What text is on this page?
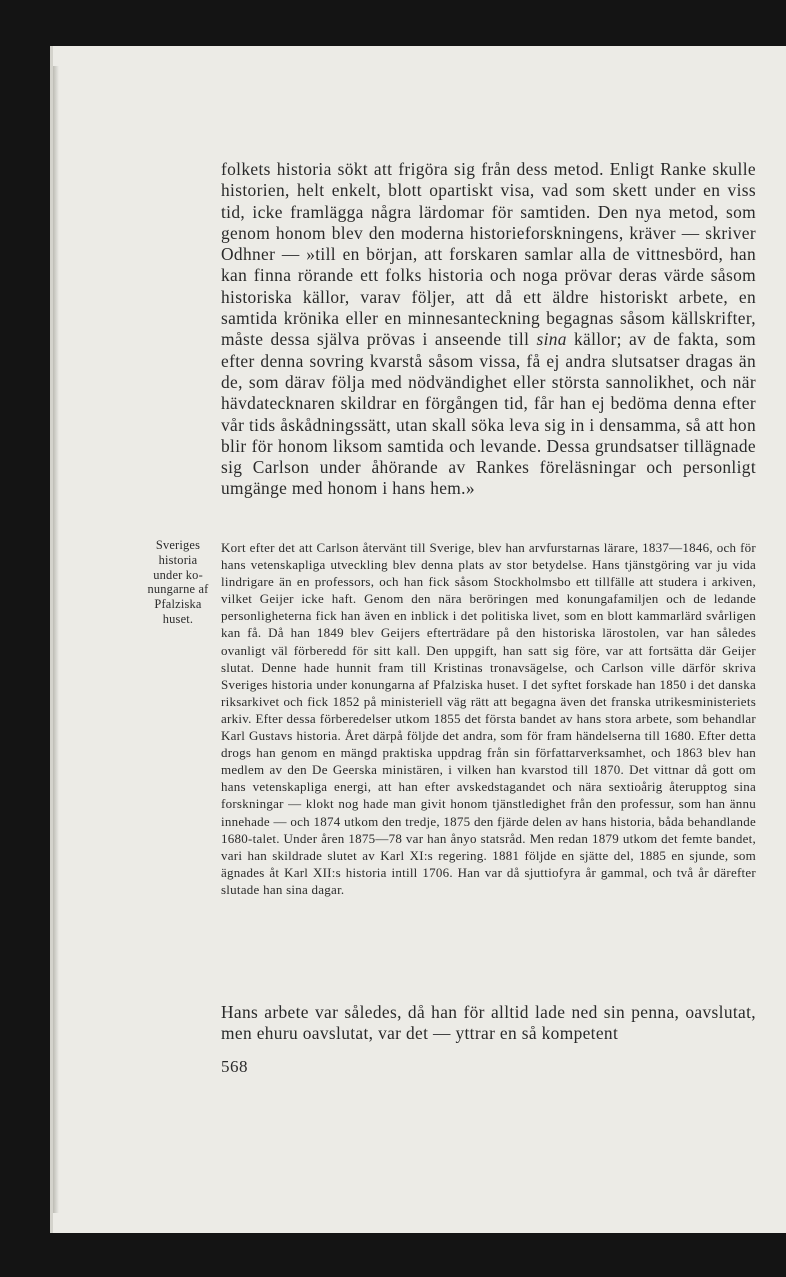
Sveriges historia under konungarne af Pfalziska huset.

folkets historia sökt att frigöra sig från dess metod. Enligt Ranke skulle historien, helt enkelt, blott opartiskt visa, vad som skett under en viss tid, icke framlägga några lärdomar för samtiden. Den nya metod, som genom honom blev den moderna historieforskningens, kräver — skriver Odhner — »till en början, att forskaren samlar alla de vittnesbörd, han kan finna rörande ett folks historia och noga prövar deras värde såsom historiska källor, varav följer, att då ett äldre historiskt arbete, en samtida krönika eller en minnesanteckning begagnas såsom källskrifter, måste dessa själva prövas i anseende till sina källor; av de fakta, som efter denna sovring kvarstå såsom vissa, få ej andra slutsatser dragas än de, som därav följa med nödvändighet eller största sannolikhet, och när hävdatecknaren skildrar en förgången tid, får han ej bedöma denna efter vår tids åskådningssätt, utan skall söka leva sig in i densamma, så att hon blir för honom liksom samtida och levande. Dessa grundsatser tillägnade sig Carlson under åhörande av Rankes föreläsningar och personligt umgänge med honom i hans hem.»

Kort efter det att Carlson återvänt till Sverige, blev han arvfurstarnas lärare, 1837—1846, och för hans vetenskapliga utveckling blev denna plats av stor betydelse. Hans tjänstgöring var ju vida lindrigare än en professors, och han fick såsom Stockholmsbo ett tillfälle att studera i arkiven, vilket Geijer icke haft. Genom den nära beröringen med konungafamiljen och de ledande personligheterna fick han även en inblick i det politiska livet, som en blott kammarlärd svårligen kan få. Då han 1849 blev Geijers efterträdare på den historiska lärostolen, var han således ovanligt väl förberedd för sitt kall. Den uppgift, han satt sig före, var att fortsätta där Geijer slutat. Denne hade hunnit fram till Kristinas tronavsägelse, och Carlson ville därför skriva Sveriges historia under konungarna af Pfalziska huset. I det syftet forskade han 1850 i det danska riksarkivet och fick 1852 på ministeriell väg rätt att begagna även det franska utrikesministeriets arkiv. Efter dessa förberedelser utkom 1855 det första bandet av hans stora arbete, som behandlar Karl Gustavs historia. Året därpå följde det andra, som för fram händelserna till 1680. Efter detta drogs han genom en mängd praktiska uppdrag från sin författarverksamhet, och 1863 blev han medlem av den De Geerska ministären, i vilken han kvarstod till 1870. Det vittnar då gott om hans vetenskapliga energi, att han efter avskedstagandet och nära sextioårig återupptog sina forskningar — klokt nog hade man givit honom tjänstledighet från den professur, som han ännu innehade — och 1874 utkom den tredje, 1875 den fjärde delen av hans historia, båda behandlande 1680-talet. Under åren 1875—78 var han ånyo statsråd. Men redan 1879 utkom det femte bandet, vari han skildrade slutet av Karl XI:s regering. 1881 följde en sjätte del, 1885 en sjunde, som ägnades åt Karl XII:s historia intill 1706. Han var då sjuttiofyra år gammal, och två år därefter slutade han sina dagar.

Hans arbete var således, då han för alltid lade ned sin penna, oavslutat, men ehuru oavslutat, var det — yttrar en så kompetent

568
